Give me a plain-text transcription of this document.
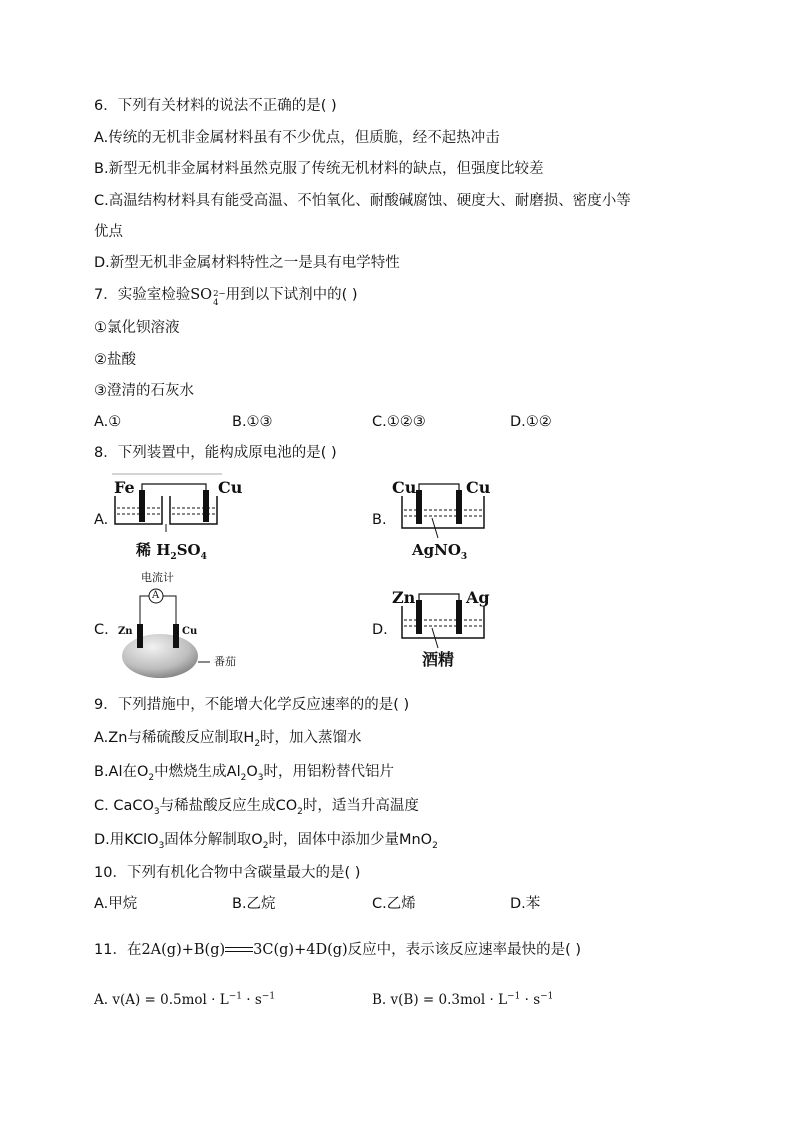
6．下列有关材料的说法不正确的是( )
A.传统的无机非金属材料虽有不少优点，但质脆，经不起热冲击
B.新型无机非金属材料虽然克服了传统无机材料的缺点，但强度比较差
C.高温结构材料具有能受高温、不怕氧化、耐酸碱腐蚀、硬度大、耐磨损、密度小等
优点
D.新型无机非金属材料特性之一是具有电学特性
7．实验室检验 SO 2−
4 用到以下试剂中的( )
①氯化钡溶液
②盐酸
③澄清的石灰水
A.①	B.①③	C.①②③	D.①②
8．下列装置中，能构成原电池的是( )
A.
Fe	Cu
稀 $H_2SO_4$
B.
Cu	Cu
AgNO$_3$
C.
电流计
A
Zn	Cu
番茄
D.
Zn	Ag
酒精
9．下列措施中，不能增大化学反应速率的的是( )
A.Zn与稀硫酸反应制取$H_2$时，加入蒸馏水
B.Al在$O_2$中燃烧生成$Al_2O_3$时，用铝粉替代铝片
C. CaCO$_3$与稀盐酸反应生成$CO_2$时，适当升高温度
D.用KClO$_3$固体分解制取$O_2$时，固体中添加少量MnO$_2$
10．下列有机化合物中含碳量最大的是( )
A.甲烷	B.乙烷	C.乙烯	D.苯
11．在2A(g)+B(g) 3C(g)+4D(g)反应中，表示该反应速率最快的是( )
A. $v(A) = 0.5mol \cdot L^{-1} \cdot s^{-1}$	B. $v(B) = 0.3mol \cdot L^{-1} \cdot s^{-1}$
